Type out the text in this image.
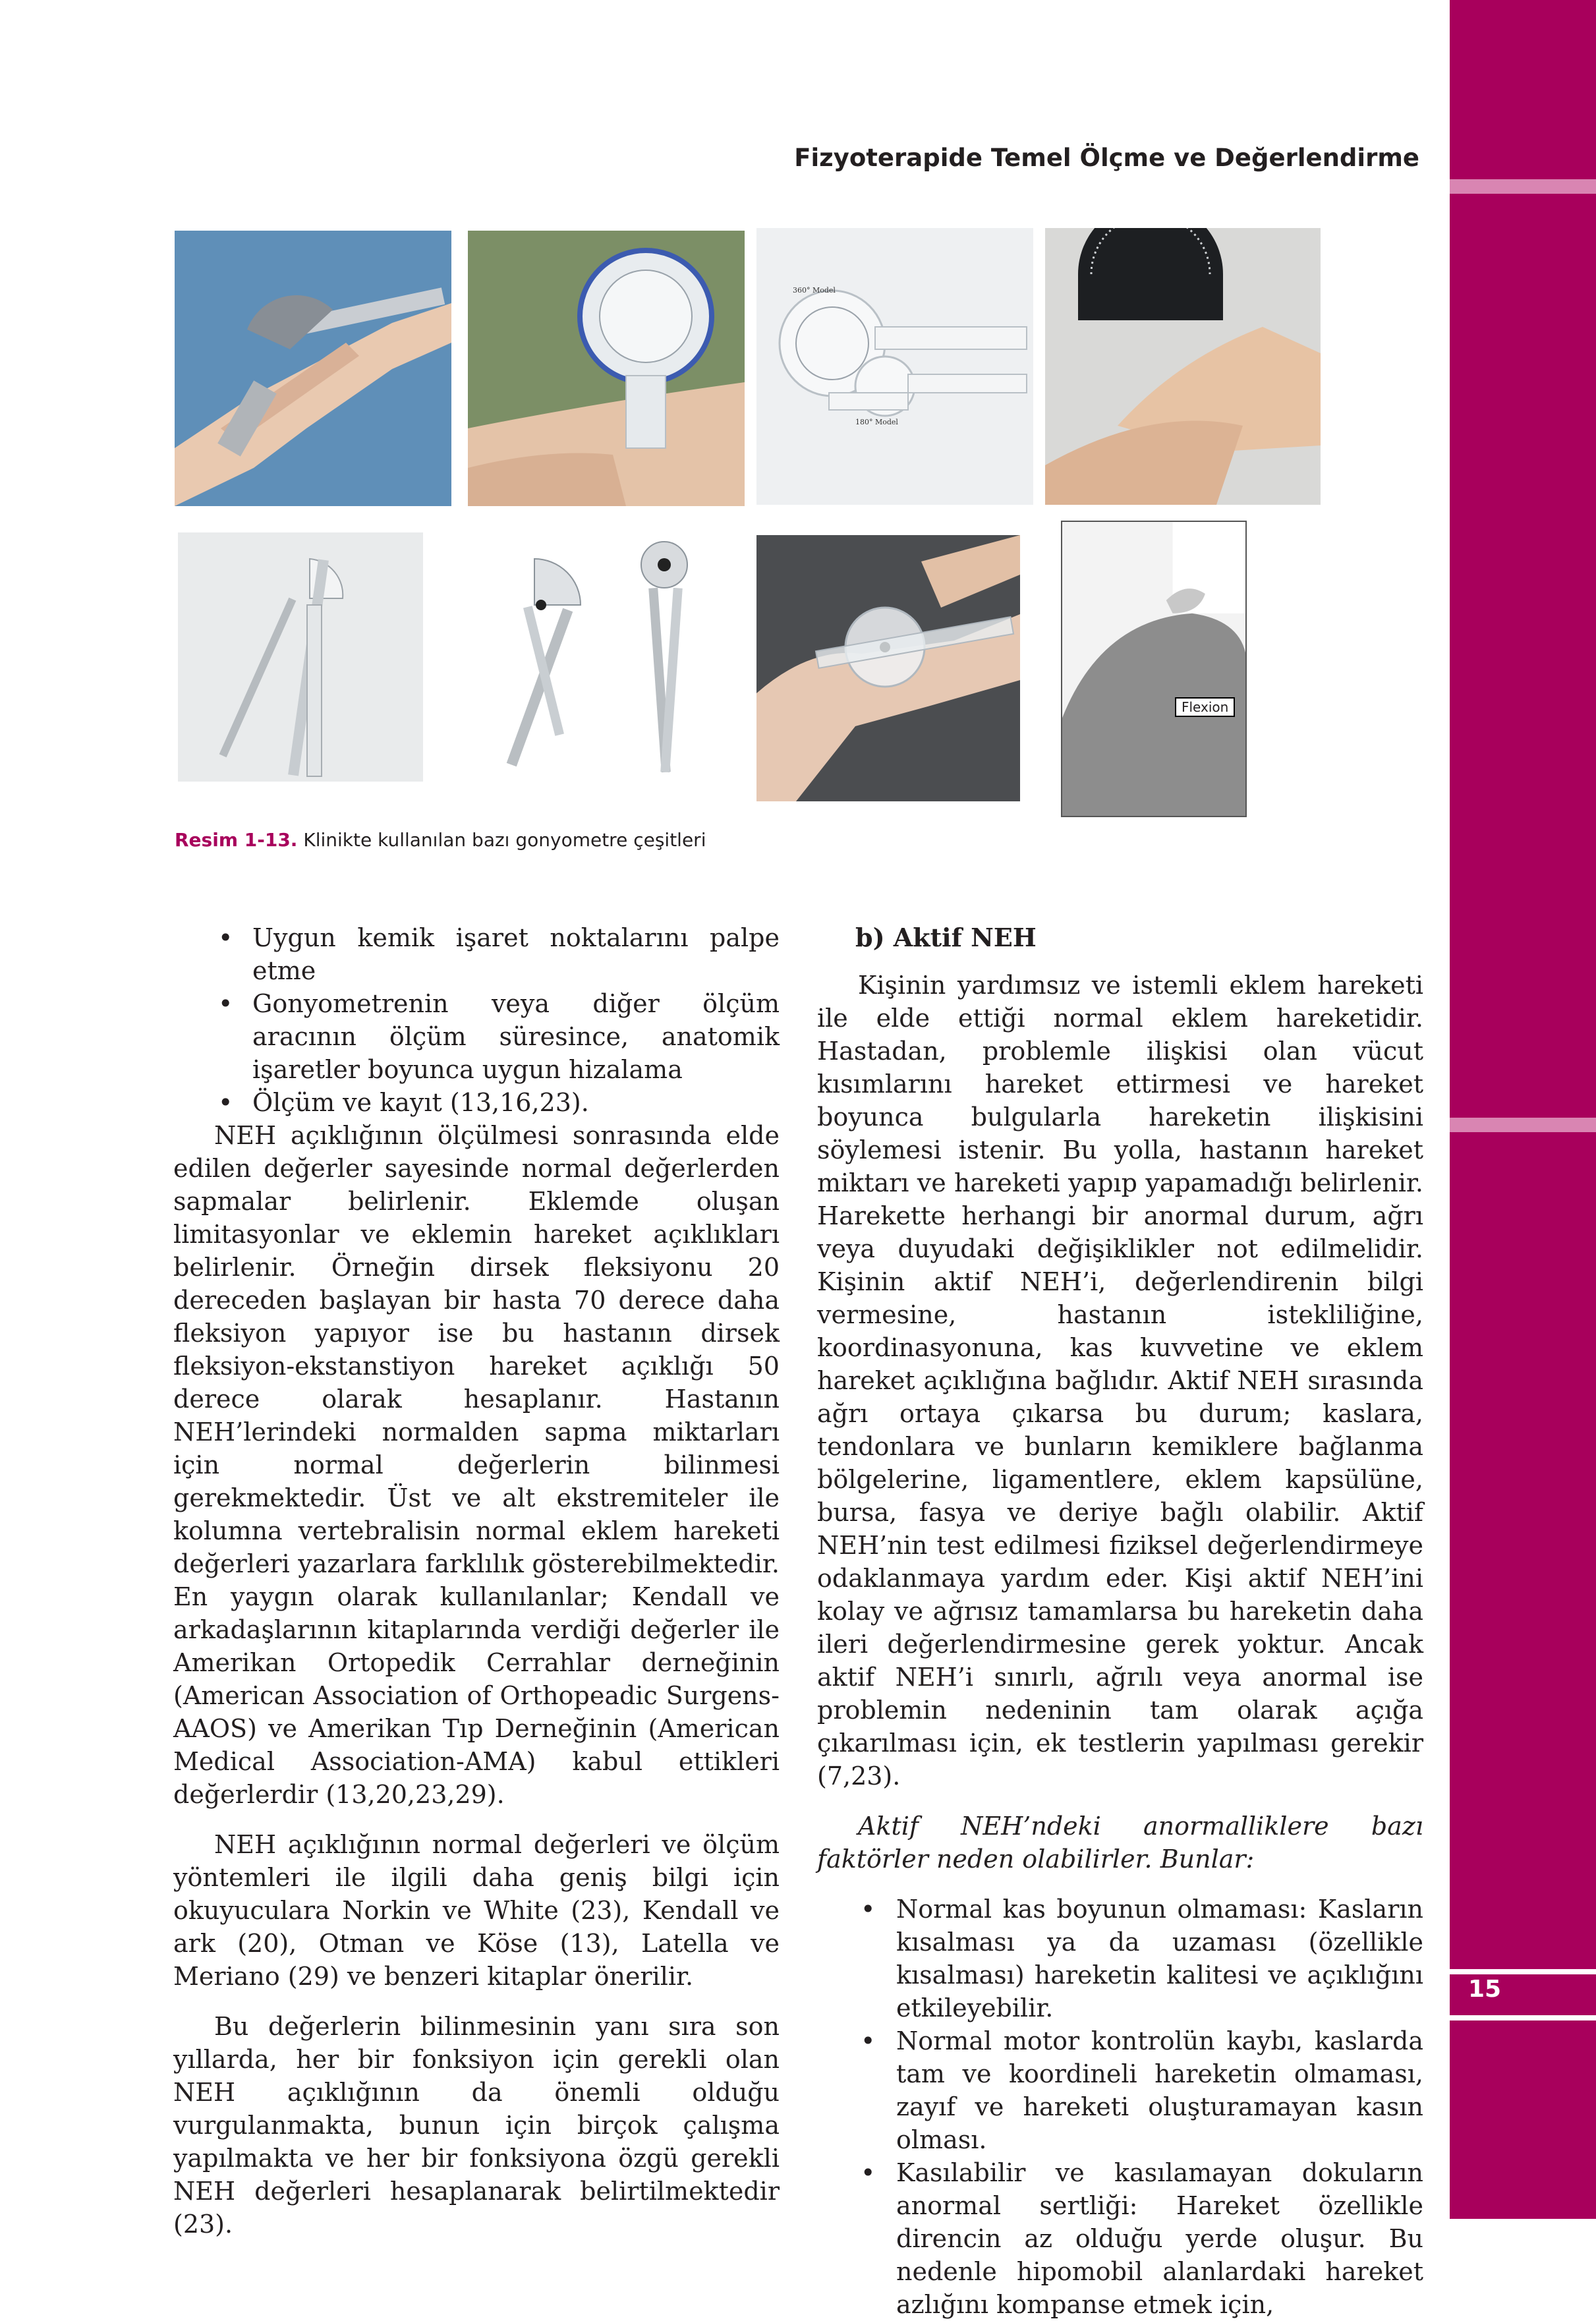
15
Fizyoterapide Temel Ölçme ve Değerlendirme
360° Model
180° Model
Flexion
Resim 1-13. Klinikte kullanılan bazı gonyometre çeşitleri
• Uygun kemik işaret noktalarını palpe etme
• Gonyometrenin veya diğer ölçüm aracının ölçüm süresince, anatomik işaretler boyunca uygun hizalama
• Ölçüm ve kayıt (13,16,23).

NEH açıklığının ölçülmesi sonrasında elde edilen değerler sayesinde normal değerlerden sapmalar belirlenir. Eklemde oluşan limitasyonlar ve eklemin hareket açıklıkları belirlenir. Örneğin dirsek fleksiyonu 20 dereceden başlayan bir hasta 70 derece daha fleksiyon yapıyor ise bu hastanın dirsek fleksiyon-ekstanstiyon hareket açıklığı 50 derece olarak hesaplanır. Hastanın NEH’lerindeki normalden sapma miktarları için normal değerlerin bilinmesi gerekmektedir. Üst ve alt ekstremiteler ile kolumna vertebralisin normal eklem hareketi değerleri yazarlara farklılık gösterebilmektedir. En yaygın olarak kullanılanlar; Kendall ve arkadaşlarının kitaplarında verdiği değerler ile Amerikan Ortopedik Cerrahlar derneğinin (American Association of Orthopeadic Surgens-AAOS) ve Amerikan Tıp Derneğinin (American Medical Association-AMA) kabul ettikleri değerlerdir (13,20,23,29).

NEH açıklığının normal değerleri ve ölçüm yöntemleri ile ilgili daha geniş bilgi için okuyuculara Norkin ve White (23), Kendall ve ark (20), Otman ve Köse (13), Latella ve Meriano (29) ve benzeri kitaplar önerilir.

Bu değerlerin bilinmesinin yanı sıra son yıllarda, her bir fonksiyon için gerekli olan NEH açıklığının da önemli olduğu vurgulanmakta, bunun için birçok çalışma yapılmakta ve her bir fonksiyona özgü gerekli NEH değerleri hesaplanarak belirtilmektedir (23).

b) Aktif NEH

Kişinin yardımsız ve istemli eklem hareketi ile elde ettiği normal eklem hareketidir. Hastadan, problemle ilişkisi olan vücut kısımlarını hareket ettirmesi ve hareket boyunca bulgularla hareketin ilişkisini söylemesi istenir. Bu yolla, hastanın hareket miktarı ve hareketi yapıp yapamadığı belirlenir. Harekette herhangi bir anormal durum, ağrı veya duyudaki değişiklikler not edilmelidir. Kişinin aktif NEH’i, değerlendirenin bilgi vermesine, hastanın istekliliğine, koordinasyonuna, kas kuvvetine ve eklem hareket açıklığına bağlıdır. Aktif NEH sırasında ağrı ortaya çıkarsa bu durum; kaslara, tendonlara ve bunların kemiklere bağlanma bölgelerine, ligamentlere, eklem kapsülüne, bursa, fasya ve deriye bağlı olabilir. Aktif NEH’nin test edilmesi fiziksel değerlendirmeye odaklanmaya yardım eder. Kişi aktif NEH’ini kolay ve ağrısız tamamlarsa bu hareketin daha ileri değerlendirmesine gerek yoktur. Ancak aktif NEH’i sınırlı, ağrılı veya anormal ise problemin nedeninin tam olarak açığa çıkarılması için, ek testlerin yapılması gerekir (7,23).

Aktif NEH’ndeki anormalliklere bazı faktörler neden olabilirler. Bunlar:

• Normal kas boyunun olmaması: Kasların kısalması ya da uzaması (özellikle kısalması) hareketin kalitesi ve açıklığını etkileyebilir.
• Normal motor kontrolün kaybı, kaslarda tam ve koordineli hareketin olmaması, zayıf ve hareketi oluşturamayan kasın olması.
• Kasılabilir ve kasılamayan dokuların anormal sertliği: Hareket özellikle direncin az olduğu yerde oluşur. Bu nedenle hipomobil alanlardaki hareket azlığını kompanse etmek için,
